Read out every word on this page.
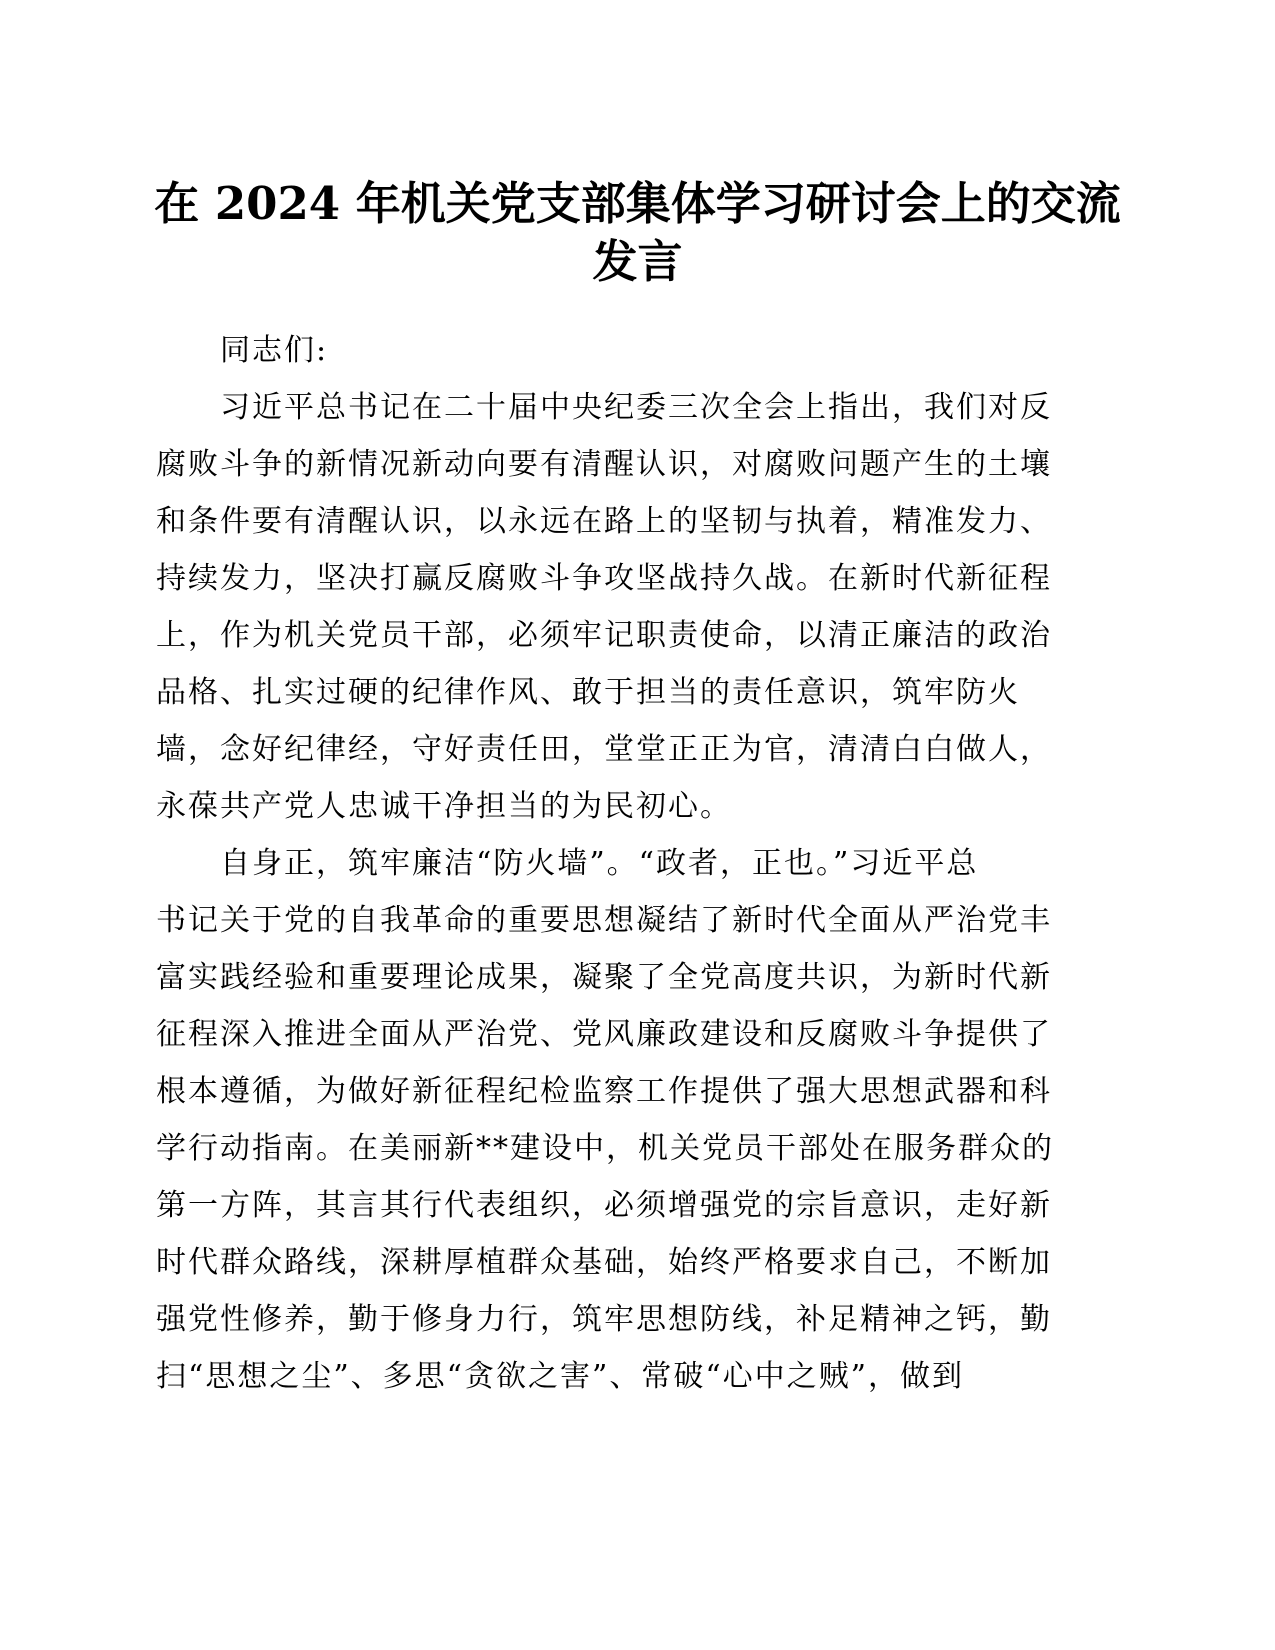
在 2024 年机关党支部集体学习研讨会上的交流
发言
同志们:
习近平总书记在二十届中央纪委三次全会上指出，我们对反
腐败斗争的新情况新动向要有清醒认识，对腐败问题产生的土壤
和条件要有清醒认识，以永远在路上的坚韧与执着，精准发力、
持续发力，坚决打赢反腐败斗争攻坚战持久战。在新时代新征程
上，作为机关党员干部，必须牢记职责使命，以清正廉洁的政治
品格、扎实过硬的纪律作风、敢于担当的责任意识，筑牢防火
墙，念好纪律经，守好责任田，堂堂正正为官，清清白白做人，
永葆共产党人忠诚干净担当的为民初心。
自身正，筑牢廉洁“防火墙”。“政者，正也。”习近平总
书记关于党的自我革命的重要思想凝结了新时代全面从严治党丰
富实践经验和重要理论成果，凝聚了全党高度共识，为新时代新
征程深入推进全面从严治党、党风廉政建设和反腐败斗争提供了
根本遵循，为做好新征程纪检监察工作提供了强大思想武器和科
学行动指南。在美丽新**建设中，机关党员干部处在服务群众的
第一方阵，其言其行代表组织，必须增强党的宗旨意识，走好新
时代群众路线，深耕厚植群众基础，始终严格要求自己，不断加
强党性修养，勤于修身力行，筑牢思想防线，补足精神之钙，勤
扫“思想之尘”、多思“贪欲之害”、常破“心中之贼”，做到
